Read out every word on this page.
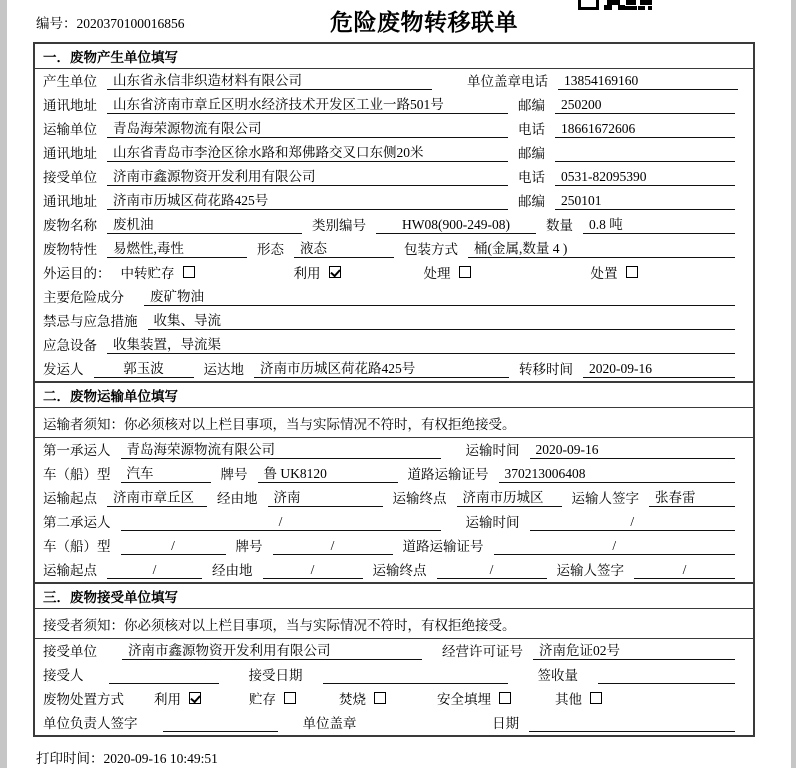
编号：2020370100016856	危险废物转移联单
一．废物产生单位填写
产生单位	山东省永信非织造材料有限公司	单位盖章 电话	13854169160
通讯地址	山东省济南市章丘区明水经济技术开发区工业一路501号	邮编	250200
运输单位	青岛海荣源物流有限公司	电话	18661672606
通讯地址	山东省青岛市李沧区徐水路和郑佛路交叉口东侧20米	邮编
接受单位	济南市鑫源物资开发利用有限公司	电话	0531-82095390
通讯地址	济南市历城区荷花路425号	邮编	250101
废物名称	废机油	类别编号	HW08(900-249-08)	数量	0.8 吨
废物特性	易燃性,毒性	形态	液态	包装方式	桶(金属,数量 4 )
外运目的： 中转贮存	利用	处理	处置
主要危险成分	废矿物油
禁忌与应急措施	收集、导流
应急设备	收集装置，导流渠
发运人	郭玉波	运达地	济南市历城区荷花路425号	转移时间	2020-09-16
二．废物运输单位填写
运输者须知：你必须核对以上栏目事项，当与实际情况不符时，有权拒绝接受。
第一承运人	青岛海荣源物流有限公司	运输时间	2020-09-16
车（船）型	汽车	牌号	鲁 UK8120	道路运输证号	370213006408
运输起点	济南市章丘区	经由地	济南	运输终点	济南市历城区	运输人签字	张春雷
第二承运人	/	运输时间	/
车（船）型	/	牌号	/	道路运输证号	/
运输起点	/	经由地	/	运输终点	/	运输人签字	/
三．废物接受单位填写
接受者须知：你必须核对以上栏目事项，当与实际情况不符时，有权拒绝接受。
接受单位	济南市鑫源物资开发利用有限公司	经营许可证号	济南危证02号
接受人	接受日期	签收量
废物处置方式 利用	贮存	焚烧	安全填埋	其他
单位负责人签字	单位盖章	日期
打印时间：2020-09-16 10:49:51
